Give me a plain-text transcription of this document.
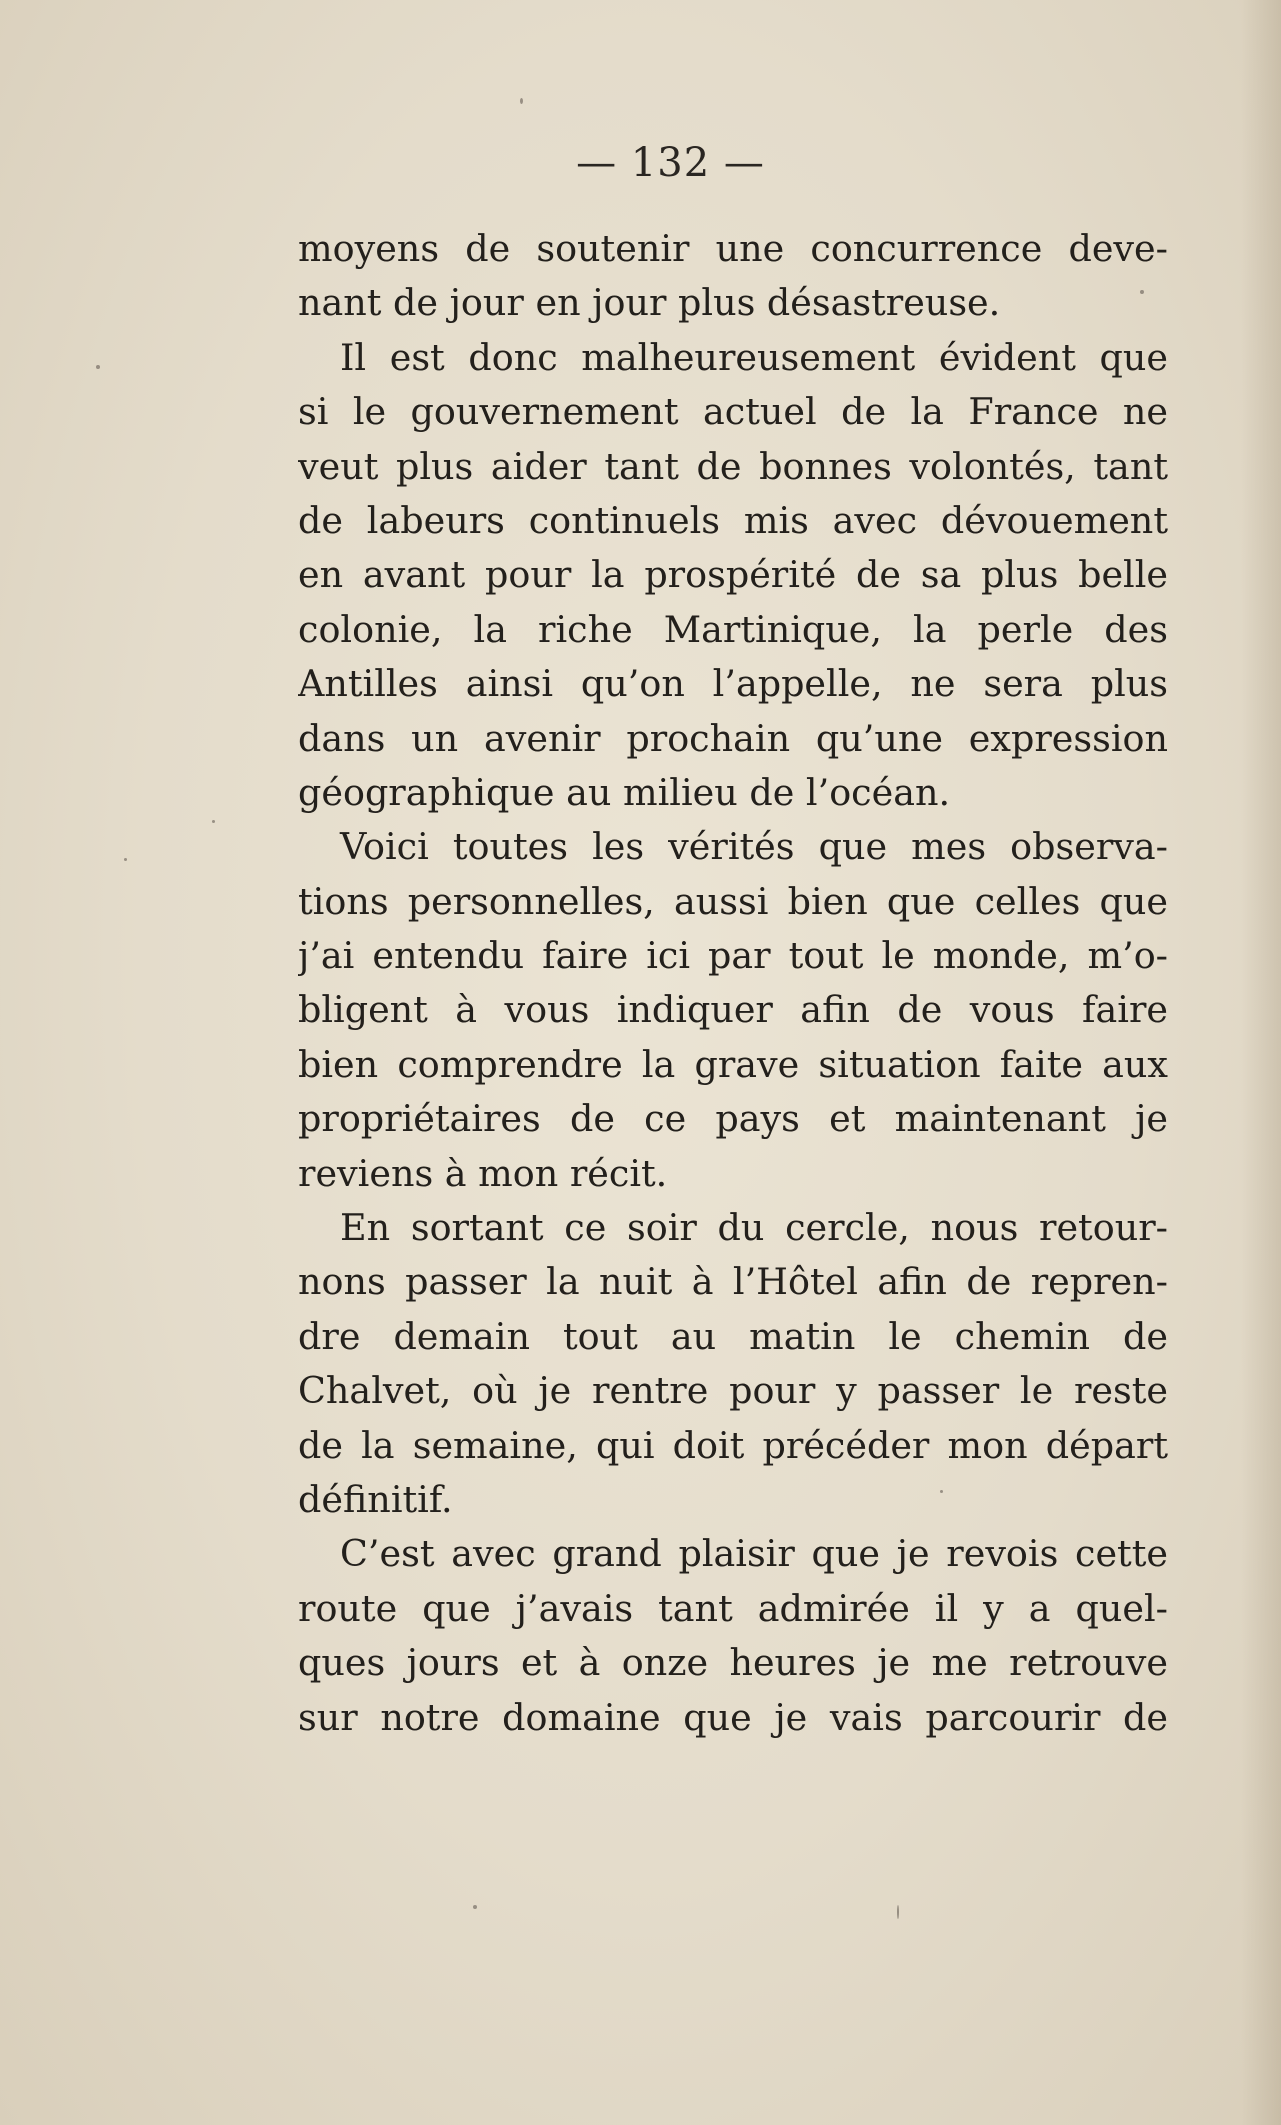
— 132 —
moyens de soutenir une concurrence deve-
nant de jour en jour plus désastreuse.
Il est donc malheureusement évident que
si le gouvernement actuel de la France ne
veut plus aider tant de bonnes volontés, tant
de labeurs continuels mis avec dévouement
en avant pour la prospérité de sa plus belle
colonie, la riche Martinique, la perle des
Antilles ainsi qu’on l’appelle, ne sera plus
dans un avenir prochain qu’une expression
géographique au milieu de l’océan.
Voici toutes les vérités que mes observa-
tions personnelles, aussi bien que celles que
j’ai entendu faire ici par tout le monde, m’o-
bligent à vous indiquer afin de vous faire
bien comprendre la grave situation faite aux
propriétaires de ce pays et maintenant je
reviens à mon récit.
En sortant ce soir du cercle, nous retour-
nons passer la nuit à l’Hôtel afin de repren-
dre demain tout au matin le chemin de
Chalvet, où je rentre pour y passer le reste
de la semaine, qui doit précéder mon départ
définitif.
C’est avec grand plaisir que je revois cette
route que j’avais tant admirée il y a quel-
ques jours et à onze heures je me retrouve
sur notre domaine que je vais parcourir de
